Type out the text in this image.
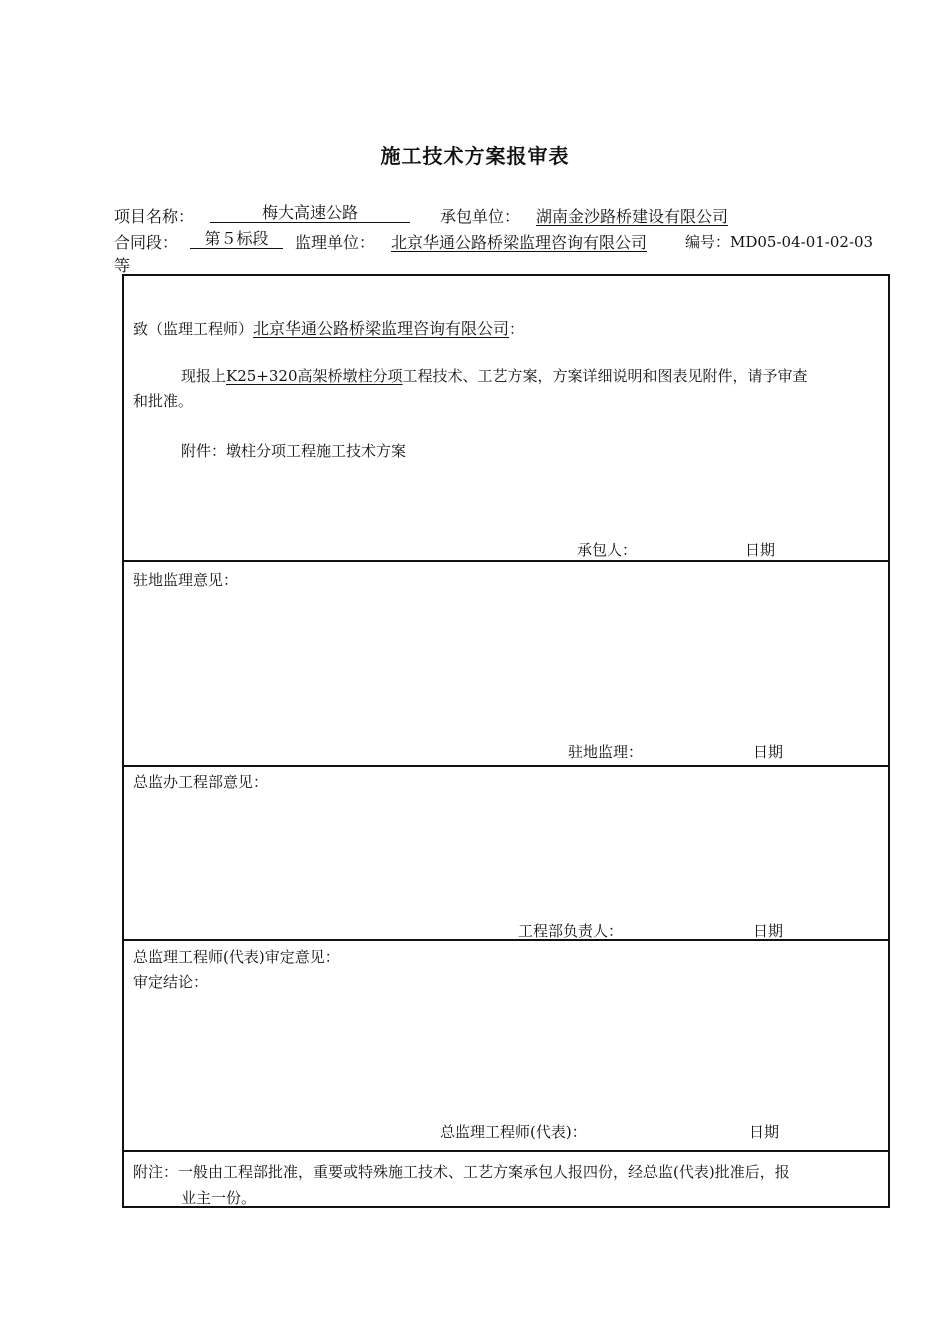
施工技术方案报审表
项目名称：	梅大高速公路	承包单位： 湖南金沙路桥建设有限公司
合同段：	第５标段	监理单位： 北京华通公路桥梁监理咨询有限公司	编号：MD05-04-01-02-03
等
致（监理工程师）北京华通公路桥梁监理咨询有限公司：
现报上K25+320高架桥墩柱分项工程技术、工艺方案，方案详细说明和图表见附件，请予审查
和批准。
附件：墩柱分项工程施工技术方案
承包人：	日期
驻地监理意见：
驻地监理：	日期
总监办工程部意见：
工程部负责人：	日期
总监理工程师(代表)审定意见：
审定结论：
总监理工程师(代表)：	日期
附注：一般由工程部批准，重要或特殊施工技术、工艺方案承包人报四份，经总监(代表)批准后，报
业主一份。
